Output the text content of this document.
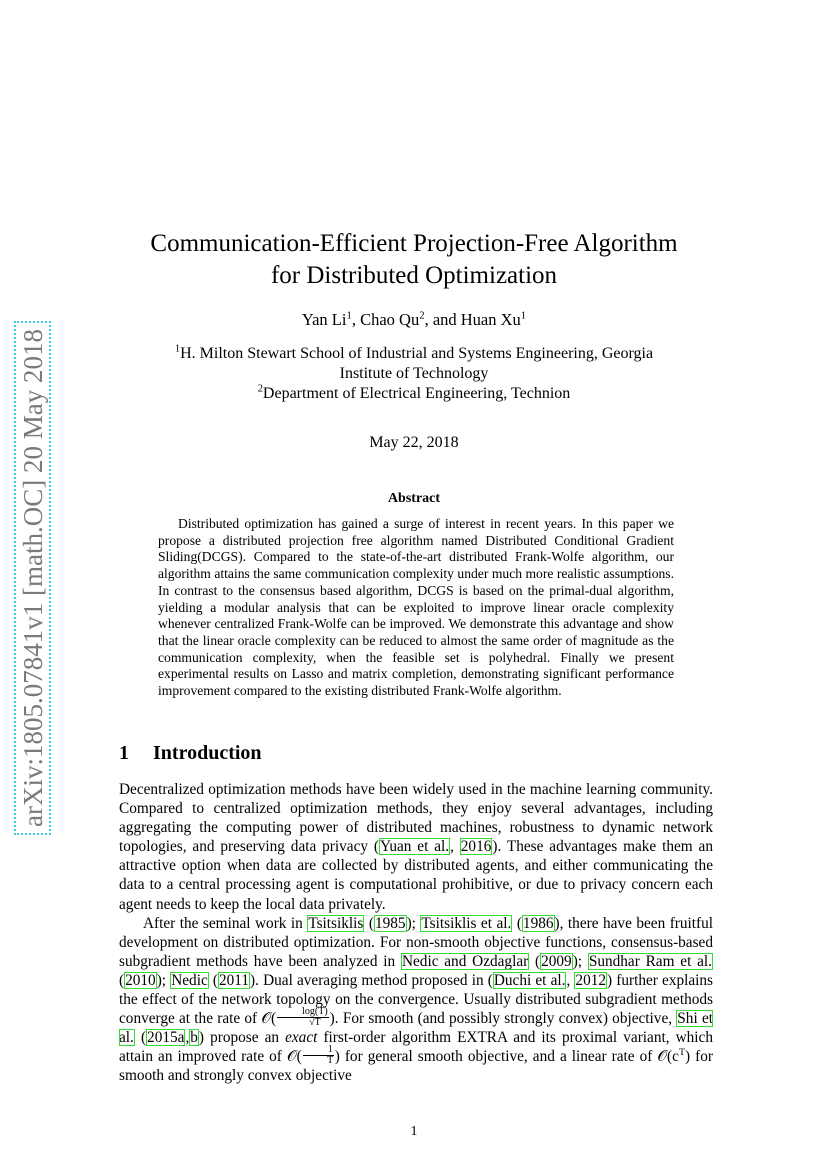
arXiv:1805.07841v1 [math.OC] 20 May 2018
Communication-Efficient Projection-Free Algorithm
for Distributed Optimization
Yan Li$^1$, Chao Qu$^2$, and Huan Xu$^1$
$^1$H. Milton Stewart School of Industrial and Systems Engineering, Georgia
Institute of Technology
$^2$Department of Electrical Engineering, Technion
May 22, 2018
Abstract
Distributed optimization has gained a surge of interest in recent years. In this paper we propose a distributed projection free algorithm named Distributed Conditional Gradient Sliding(DCGS). Compared to the state-of-the-art distributed Frank-Wolfe algorithm, our algorithm attains the same communication complexity under much more realistic assumptions. In contrast to the consensus based algorithm, DCGS is based on the primal-dual algorithm, yielding a modular analysis that can be exploited to improve linear oracle complexity whenever centralized Frank-Wolfe can be improved. We demonstrate this advantage and show that the linear oracle complexity can be reduced to almost the same order of magnitude as the communication complexity, when the feasible set is polyhedral. Finally we present experimental results on Lasso and matrix completion, demonstrating significant performance improvement compared to the existing distributed Frank-Wolfe algorithm.
1 Introduction

Decentralized optimization methods have been widely used in the machine learning community. Compared to centralized optimization methods, they enjoy several advantages, including aggregating the computing power of distributed machines, robustness to dynamic network topologies, and preserving data privacy (Yuan et al., 2016). These advantages make them an attractive option when data are collected by distributed agents, and either communicating the data to a central processing agent is computational prohibitive, or due to privacy concern each agent needs to keep the local data privately.

After the seminal work in Tsitsiklis (1985); Tsitsiklis et al. (1986), there have been fruitful development on distributed optimization. For non-smooth objective functions, consensus-based subgradient methods have been analyzed in Nedic and Ozdaglar (2009); Sundhar Ram et al. (2010); Nedic (2011). Dual averaging method proposed in (Duchi et al., 2012) further explains the effect of the network topology on the convergence. Usually distributed subgradient methods converge at the rate of 𝒪( $\frac{\log(T)}{√T}$ ). For smooth (and possibly strongly convex) objective, Shi et al. (2015a,b) propose an exact first-order algorithm EXTRA and its proximal variant, which attain an improved rate of 𝒪( $\frac{1}{T}$ ) for general smooth objective, and a linear rate of $𝒪(c^T)$ for smooth and strongly convex objective

1
